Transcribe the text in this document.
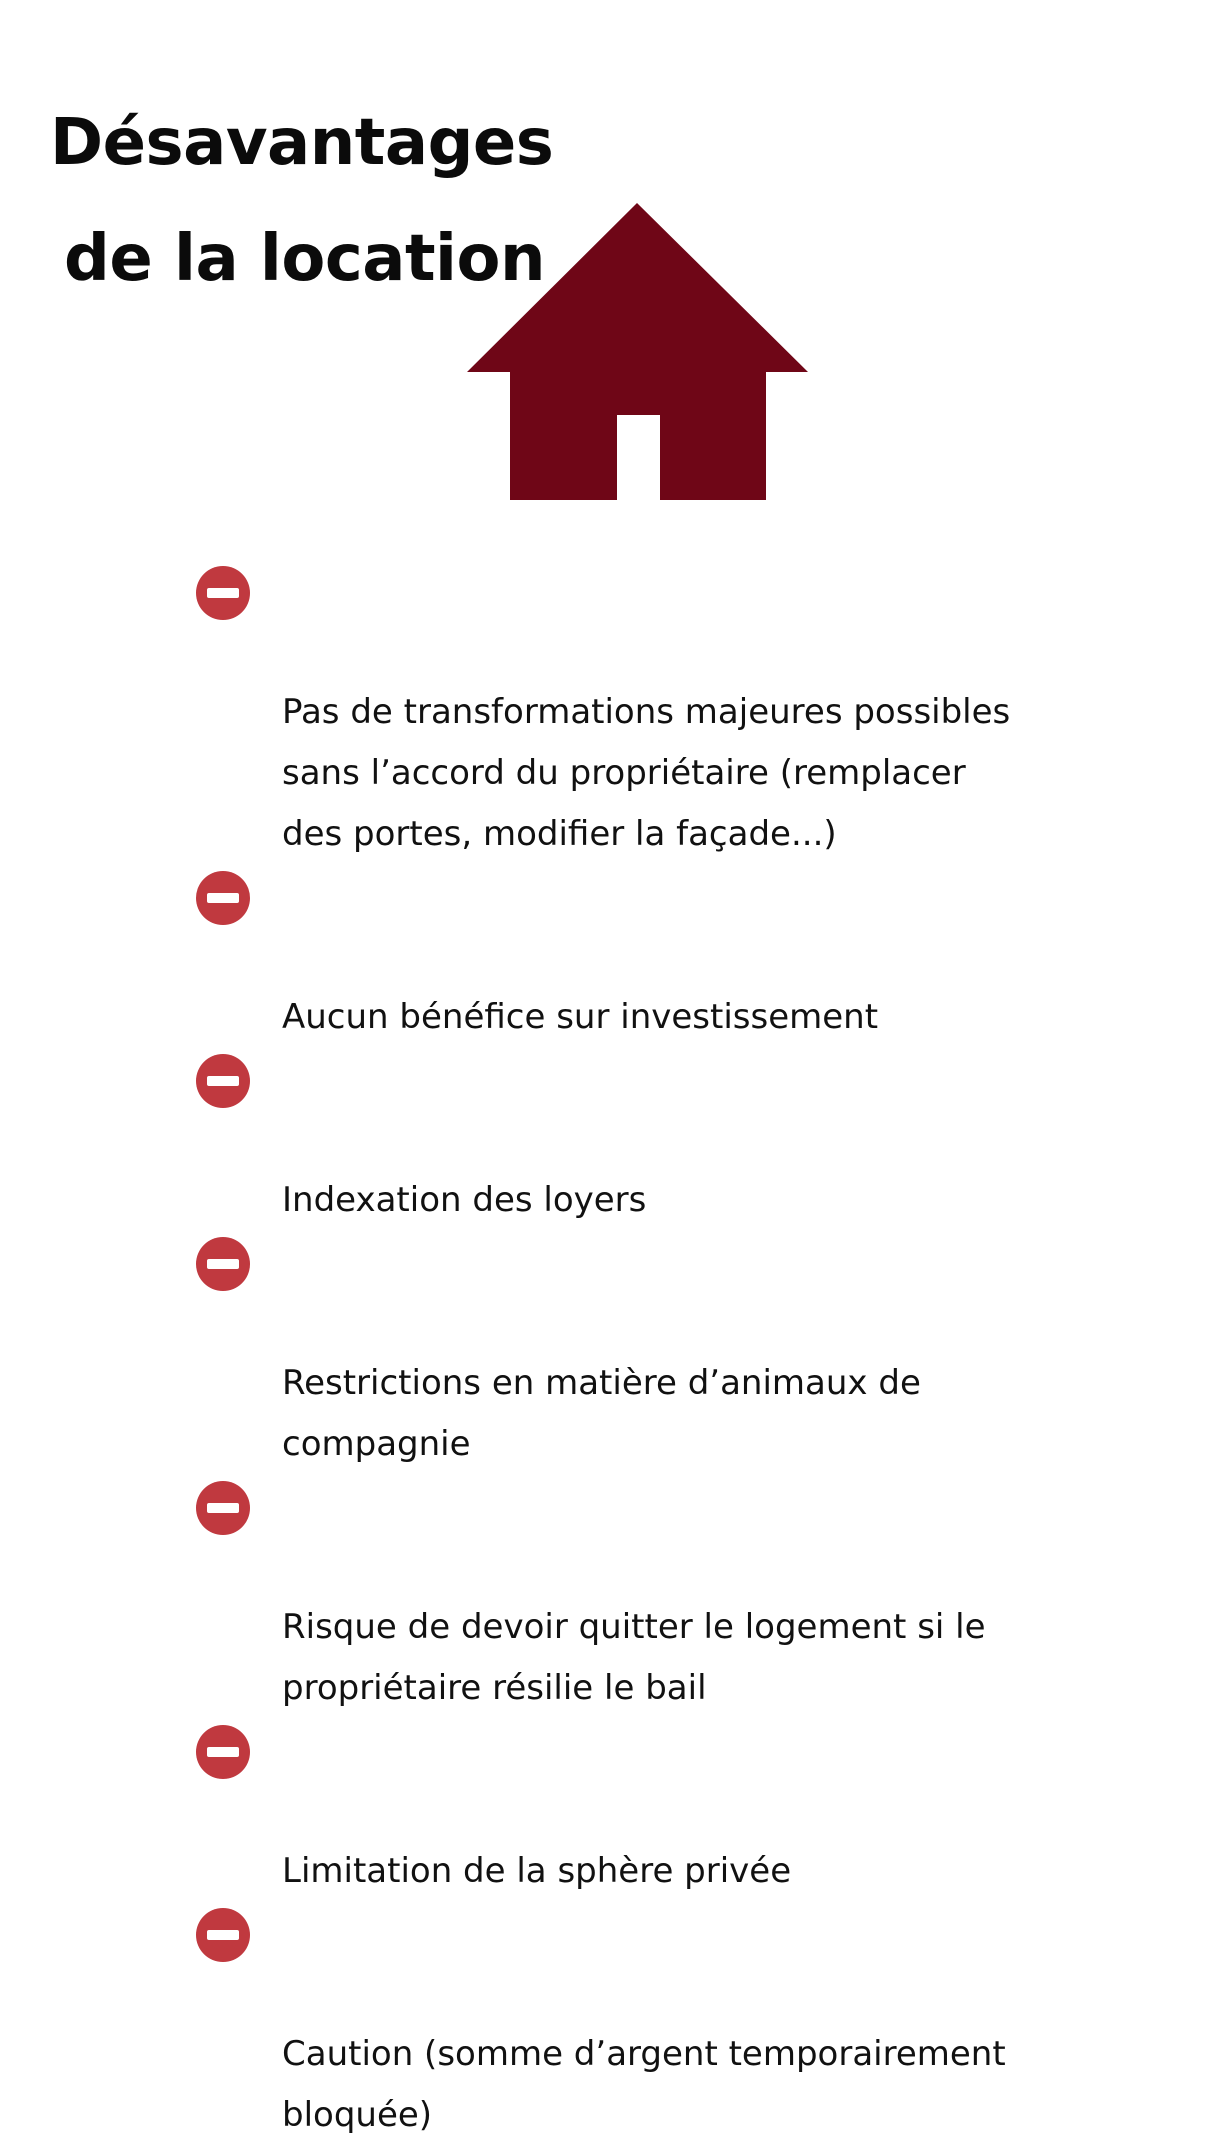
Désavantages
de la location

Pas de transformations majeures possibles
sans l’accord du propriétaire (remplacer
des portes, modifier la façade...)

Aucun bénéfice sur investissement

Indexation des loyers

Restrictions en matière d’animaux de
compagnie

Risque de devoir quitter le logement si le
propriétaire résilie le bail

Limitation de la sphère privée

Caution (somme d’argent temporairement
bloquée)
